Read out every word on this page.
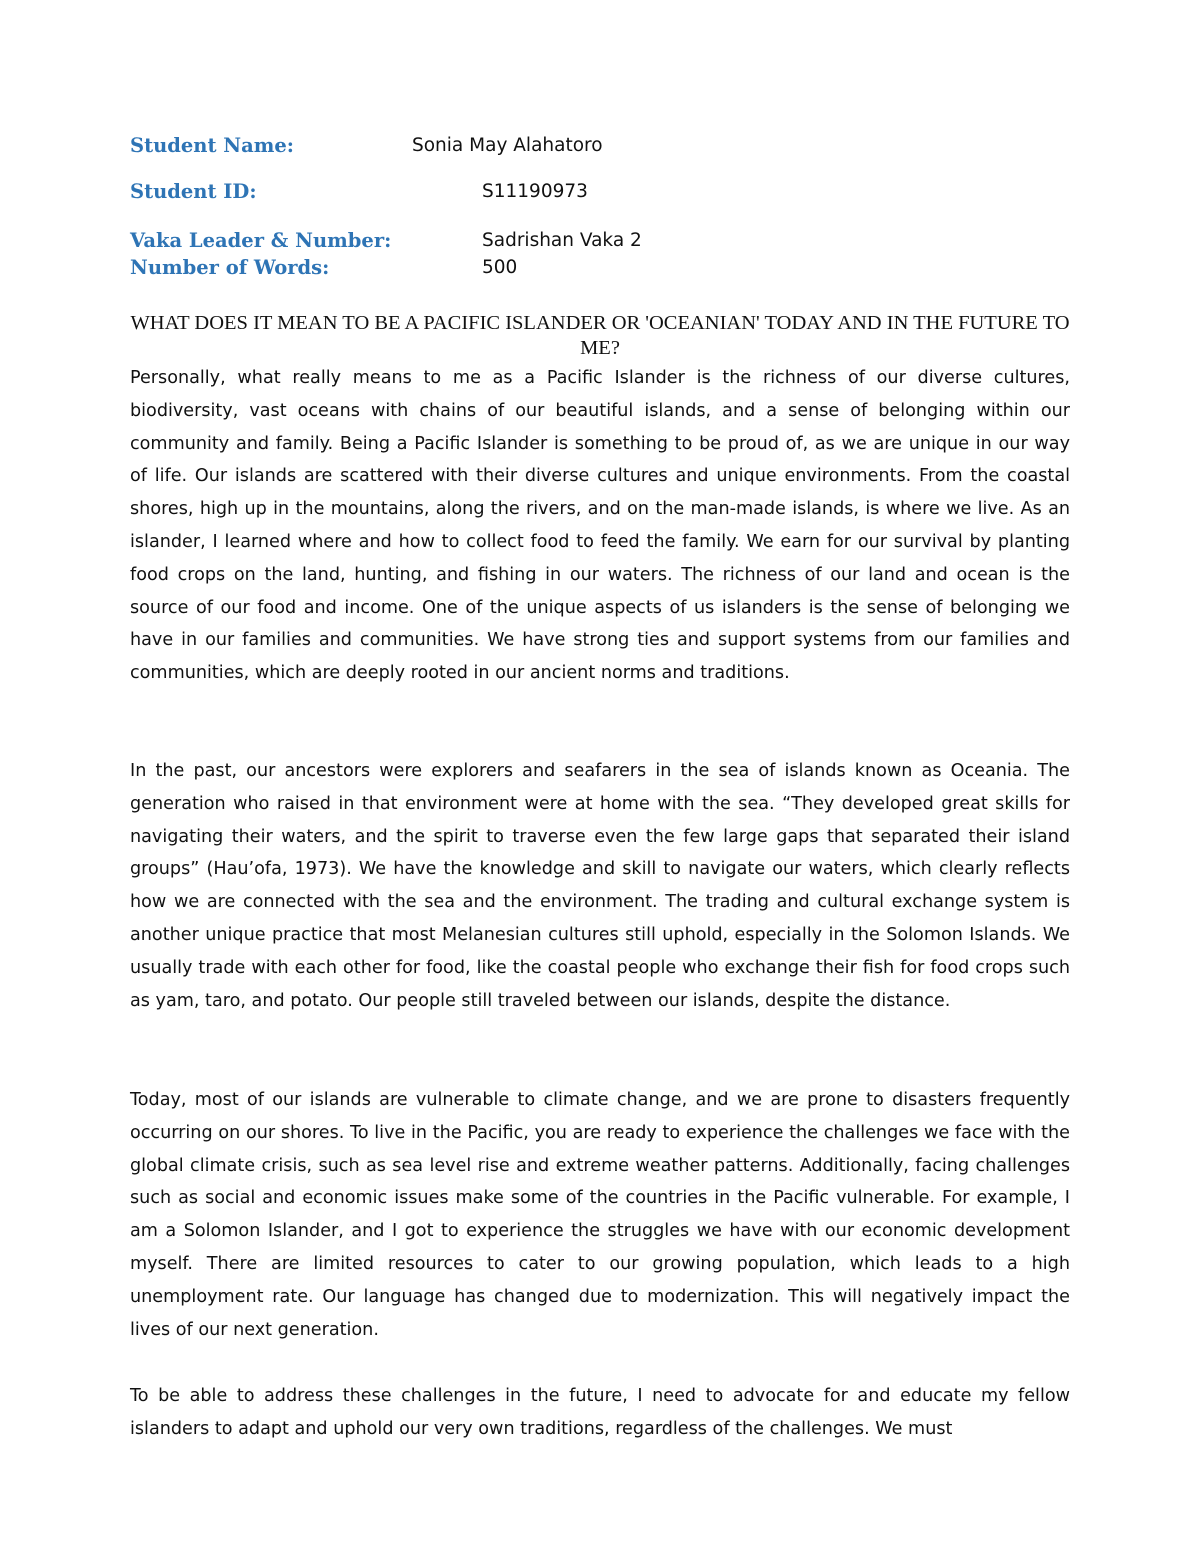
Student Name:	Sonia May Alahatoro
Student ID:	S11190973
Vaka Leader & Number:	Sadrishan Vaka 2
Number of Words:	500
WHAT DOES IT MEAN TO BE A PACIFIC ISLANDER OR 'OCEANIAN' TODAY AND IN THE FUTURE TO ME?

Personally, what really means to me as a Pacific Islander is the richness of our diverse cultures, biodiversity, vast oceans with chains of our beautiful islands, and a sense of belonging within our community and family. Being a Pacific Islander is something to be proud of, as we are unique in our way of life. Our islands are scattered with their diverse cultures and unique environments. From the coastal shores, high up in the mountains, along the rivers, and on the man-made islands, is where we live. As an islander, I learned where and how to collect food to feed the family. We earn for our survival by planting food crops on the land, hunting, and fishing in our waters. The richness of our land and ocean is the source of our food and income. One of the unique aspects of us islanders is the sense of belonging we have in our families and communities. We have strong ties and support systems from our families and communities, which are deeply rooted in our ancient norms and traditions.

In the past, our ancestors were explorers and seafarers in the sea of islands known as Oceania. The generation who raised in that environment were at home with the sea. “They developed great skills for navigating their waters, and the spirit to traverse even the few large gaps that separated their island groups” (Hau’ofa, 1973). We have the knowledge and skill to navigate our waters, which clearly reflects how we are connected with the sea and the environment. The trading and cultural exchange system is another unique practice that most Melanesian cultures still uphold, especially in the Solomon Islands. We usually trade with each other for food, like the coastal people who exchange their fish for food crops such as yam, taro, and potato. Our people still traveled between our islands, despite the distance.

Today, most of our islands are vulnerable to climate change, and we are prone to disasters frequently occurring on our shores. To live in the Pacific, you are ready to experience the challenges we face with the global climate crisis, such as sea level rise and extreme weather patterns. Additionally, facing challenges such as social and economic issues make some of the countries in the Pacific vulnerable. For example, I am a Solomon Islander, and I got to experience the struggles we have with our economic development myself. There are limited resources to cater to our growing population, which leads to a high unemployment rate. Our language has changed due to modernization. This will negatively impact the lives of our next generation.

To be able to address these challenges in the future, I need to advocate for and educate my fellow islanders to adapt and uphold our very own traditions, regardless of the challenges. We must
